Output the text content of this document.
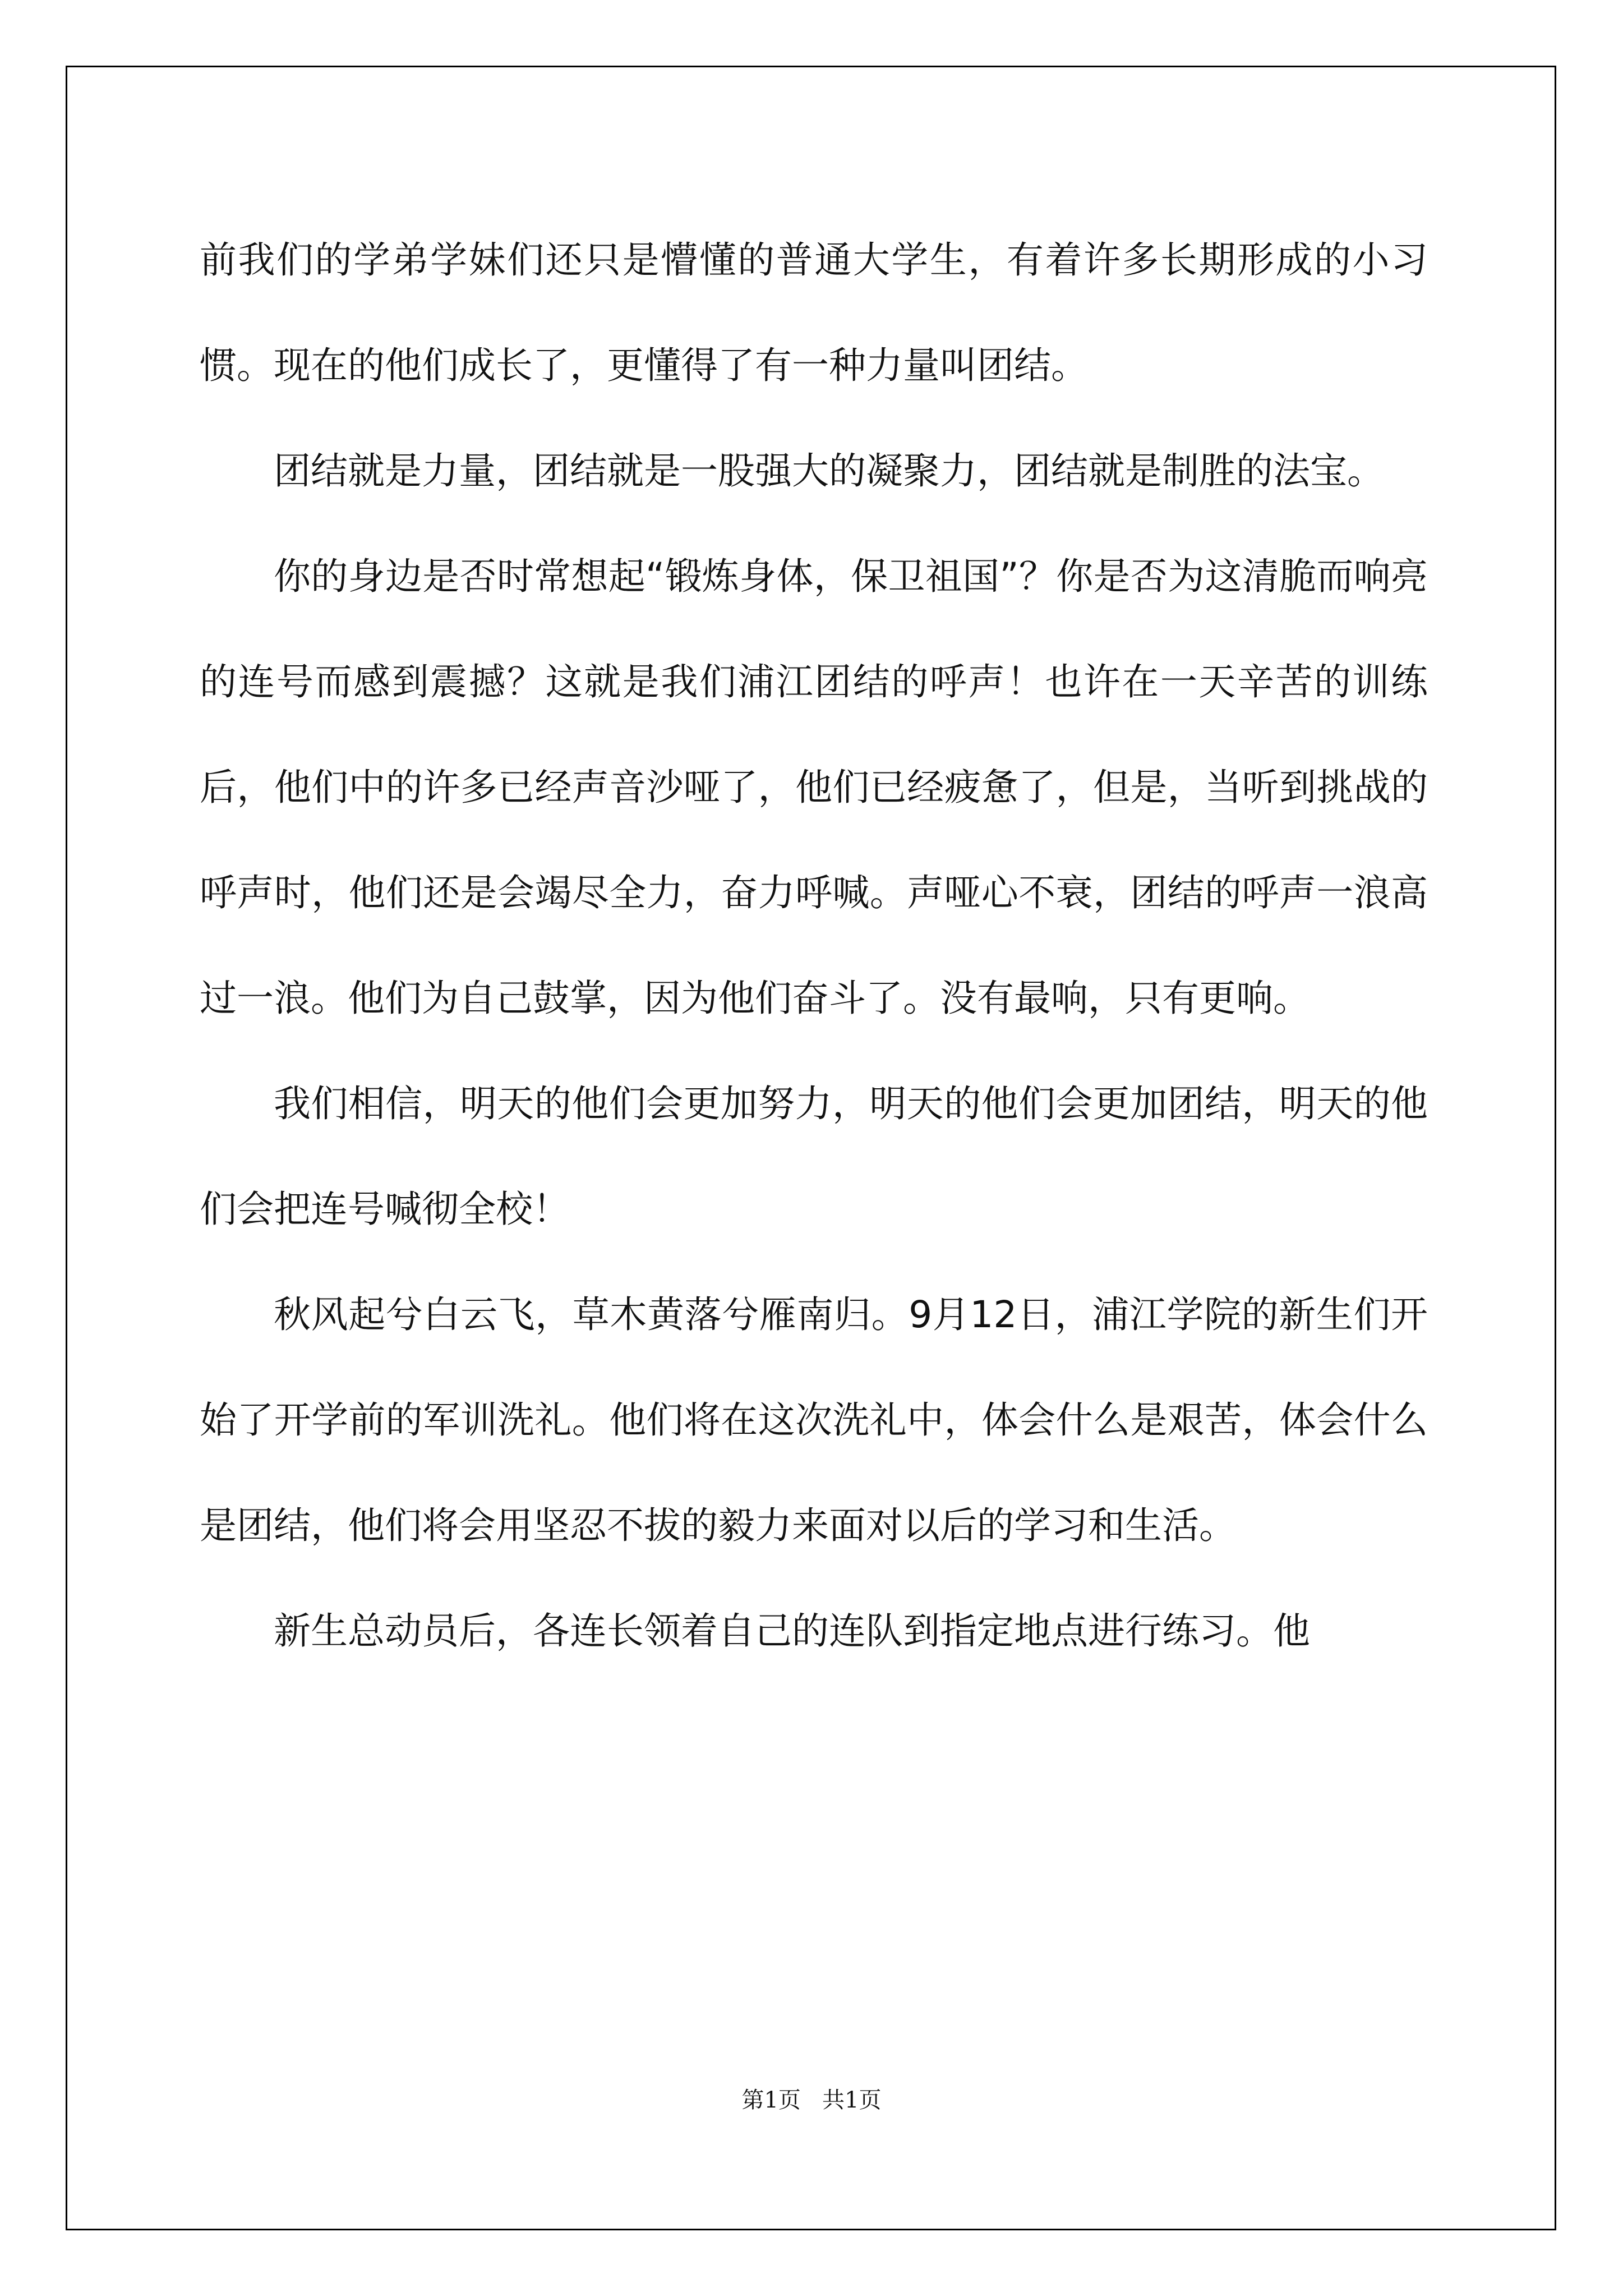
前我们的学弟学妹们还只是懵懂的普通大学生，有着许多长期形成的小习惯。现在的他们成长了，更懂得了有一种力量叫团结。

团结就是力量，团结就是一股强大的凝聚力，团结就是制胜的法宝。

你的身边是否时常想起“锻炼身体，保卫祖国”？你是否为这清脆而响亮的连号而感到震撼？这就是我们浦江团结的呼声！也许在一天辛苦的训练后，他们中的许多已经声音沙哑了，他们已经疲惫了，但是，当听到挑战的呼声时，他们还是会竭尽全力，奋力呼喊。声哑心不衰，团结的呼声一浪高过一浪。他们为自己鼓掌，因为他们奋斗了。没有最响，只有更响。

我们相信，明天的他们会更加努力，明天的他们会更加团结，明天的他们会把连号喊彻全校！

秋风起兮白云飞，草木黄落兮雁南归。9月12日，浦江学院的新生们开始了开学前的军训洗礼。他们将在这次洗礼中，体会什么是艰苦，体会什么是团结，他们将会用坚忍不拔的毅力来面对以后的学习和生活。

新生总动员后，各连长领着自己的连队到指定地点进行练习。他

第1页   共1页
